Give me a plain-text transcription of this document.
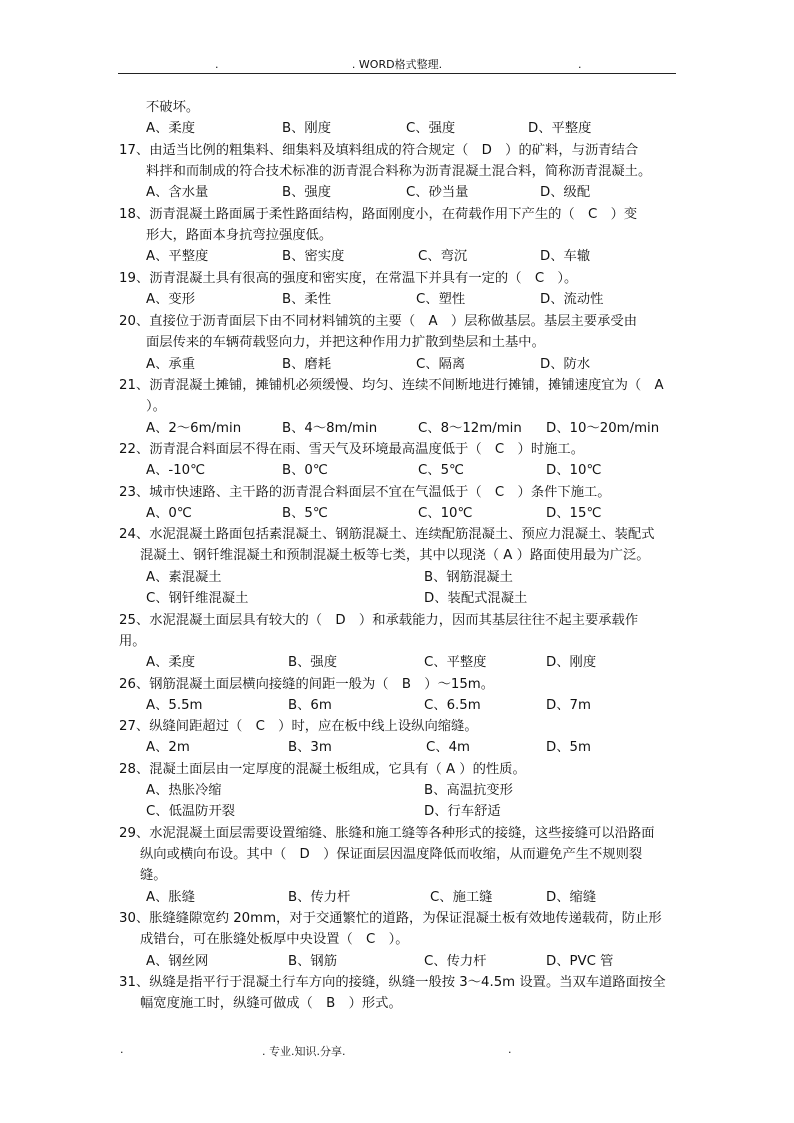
. WORD格式整理.
.	.
不破坏。
A、柔度	B、刚度	C、强度	D、平整度
17、由适当比例的粗集料、细集料及填料组成的符合规定（　D　）的矿料，与沥青结合
料拌和而制成的符合技术标准的沥青混合料称为沥青混凝土混合料，简称沥青混凝土。
A、含水量	B、强度	C、砂当量	D、级配
18、沥青混凝土路面属于柔性路面结构，路面刚度小，在荷载作用下产生的（　C　）变
形大，路面本身抗弯拉强度低。
A、平整度	B、密实度	C、弯沉	D、车辙
19、沥青混凝土具有很高的强度和密实度，在常温下并具有一定的（　C　）。
A、变形	B、柔性	C、塑性	D、流动性
20、直接位于沥青面层下由不同材料铺筑的主要（　A　）层称做基层。基层主要承受由
面层传来的车辆荷载竖向力，并把这种作用力扩散到垫层和土基中。
A、承重	B、磨耗	C、隔离	D、防水
21、沥青混凝土摊铺，摊铺机必须缓慢、均匀、连续不间断地进行摊铺，摊铺速度宜为（　A
）。
A、2～6m/min	B、4～8m/min	C、8～12m/min D、10～20m/min
22、沥青混合料面层不得在雨、雪天气及环境最高温度低于（　C　）时施工。
A、-10℃	B、0℃	C、5℃	D、10℃
23、城市快速路、主干路的沥青混合料面层不宜在气温低于（　C　）条件下施工。
A、0℃	B、5℃	C、10℃	D、15℃
24、水泥混凝土路面包括素混凝土、钢筋混凝土、连续配筋混凝土、预应力混凝土、装配式
混凝土、钢钎维混凝土和预制混凝土板等七类，其中以现浇（ A ）路面使用最为广泛。
A、素混凝土	B、钢筋混凝土
C、钢钎维混凝土	D、装配式混凝土
25、水泥混凝土面层具有较大的（　D　）和承载能力，因而其基层往往不起主要承载作
用。
A、柔度	B、强度	C、平整度	D、刚度
26、钢筋混凝土面层横向接缝的间距一般为（　B　）～15m。
A、5.5m	B、6m	C、6.5m	D、7m
27、纵缝间距超过（　C　）时，应在板中线上设纵向缩缝。
A、2m	B、3m	C、4m	D、5m
28、混凝土面层由一定厚度的混凝土板组成，它具有（ A ）的性质。
A、热胀冷缩	B、高温抗变形
C、低温防开裂	D、行车舒适
29、水泥混凝土面层需要设置缩缝、胀缝和施工缝等各种形式的接缝，这些接缝可以沿路面
纵向或横向布设。其中（　D　）保证面层因温度降低而收缩，从而避免产生不规则裂
缝。
A、胀缝	B、传力杆	C、施工缝	D、缩缝
30、胀缝缝隙宽约 20mm，对于交通繁忙的道路，为保证混凝土板有效地传递载荷，防止形
成错台，可在胀缝处板厚中央设置（　C　）。
A、钢丝网	B、钢筋	C、传力杆	D、PVC 管
31、纵缝是指平行于混凝土行车方向的接缝，纵缝一般按 3～4.5m 设置。当双车道路面按全
幅宽度施工时，纵缝可做成（　B　）形式。
.	. 专业.知识.分享.	.
